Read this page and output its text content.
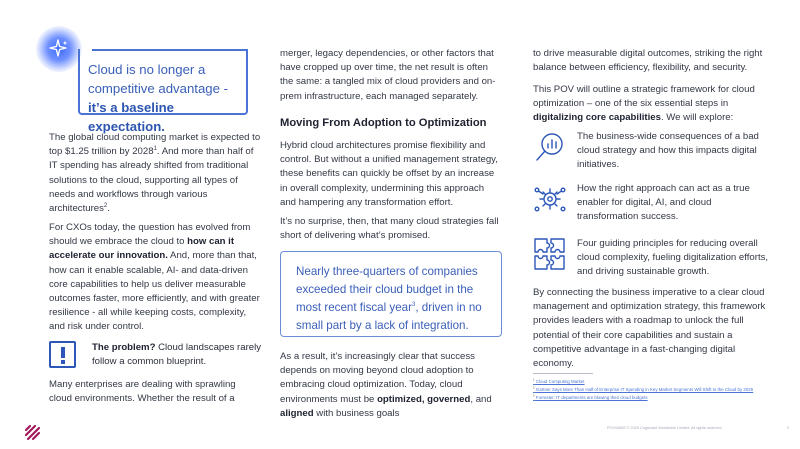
Cloud is no longer a
competitive advantage -
it’s a baseline expectation.

The global cloud computing market is expected to top $1.25 trillion by 2028$^1$. And more than half of IT spending has already shifted from traditional solutions to the cloud, supporting all types of needs and workflows through various architectures$^2$.

For CXOs today, the question has evolved from should we embrace the cloud to how can it accelerate our innovation. And, more than that, how can it enable scalable, AI- and data-driven core capabilities to help us deliver measurable outcomes faster, more efficiently, and with greater resilience - all while keeping costs, complexity, and risk under control.

The problem? Cloud landscapes rarely follow a common blueprint.

Many enterprises are dealing with sprawling cloud environments. Whether the result of a

merger, legacy dependencies, or other factors that have cropped up over time, the net result is often the same: a tangled mix of cloud providers and on-prem infrastructure, each managed separately.

Moving From Adoption to Optimization

Hybrid cloud architectures promise flexibility and control. But without a unified management strategy, these benefits can quickly be offset by an increase in overall complexity, undermining this approach and hampering any transformation effort.

It’s no surprise, then, that many cloud strategies fall short of delivering what’s promised.

Nearly three-quarters of companies exceeded their cloud budget in the most recent fiscal year$^3$, driven in no small part by a lack of integration.

As a result, it’s increasingly clear that success depends on moving beyond cloud adoption to embracing cloud optimization. Today, cloud environments must be optimized, governed, and aligned with business goals

to drive measurable digital outcomes, striking the right balance between efficiency, flexibility, and security.

This POV will outline a strategic framework for cloud optimization – one of the six essential steps in digitalizing core capabilities. We will explore:

The business-wide consequences of a bad cloud strategy and how this impacts digital initiatives.
How the right approach can act as a true enabler for digital, AI, and cloud transformation success.
Four guiding principles for reducing overall cloud complexity, fueling digitalization efforts, and driving sustainable growth.

By connecting the business imperative to a clear cloud management and optimization strategy, this framework provides leaders with a roadmap to unlock the full potential of their core capabilities and sustain a competitive advantage in a fast-changing digital economy.

$^1$ Cloud Computing Market
$^2$ Gartner Says More Than Half of Enterprise IT Spending in Key Market Segments Will Shift to the Cloud by 2025
$^3$ Forrester: IT departments are blowing their cloud budgets
POV/IAWS © 2025 Cognizant Worldwide Limited. All rights reserved.	2
